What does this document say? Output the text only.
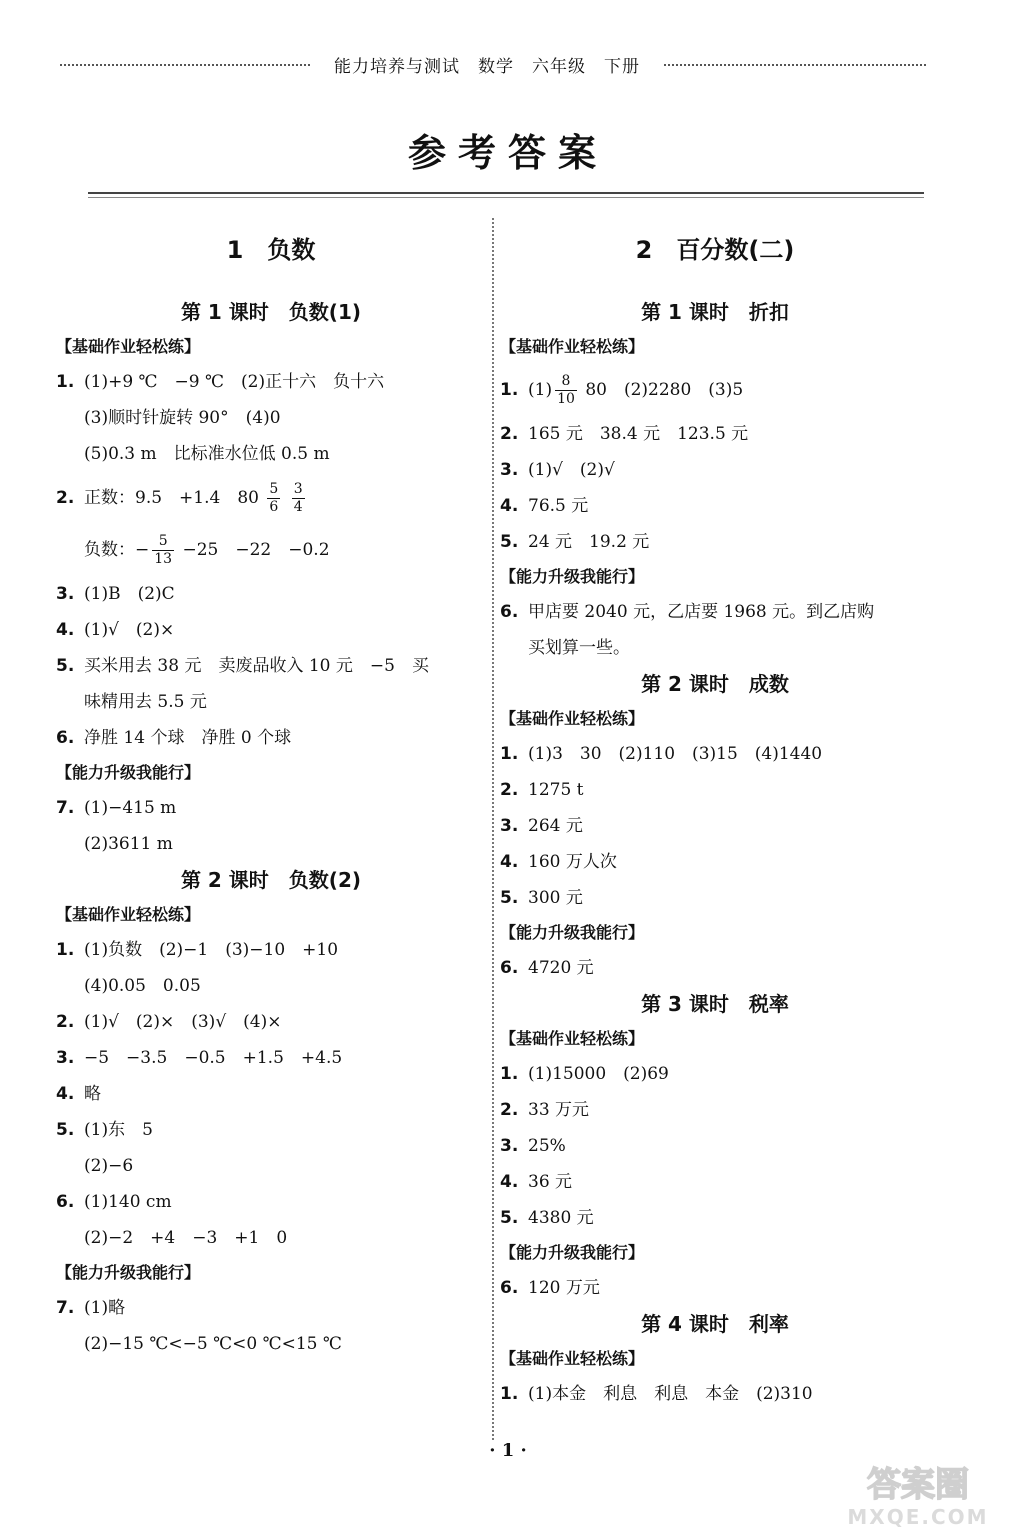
能力培养与测试　数学　六年级　下册
参考答案
1　负数
第 1 课时　负数(1)
【基础作业轻松练】
1. (1)+9 ℃　−9 ℃　(2)正十六　负十六
(3)顺时针旋转 90°　(4)0
(5)0.3 m　比标准水位低 0.5 m
2. 正数：9.5　+1.4　$80 \frac{5}{6}$
$\frac{3}{4}$
负数：− $\frac{5}{13} -25$　−22　−0.2
3. (1)B　(2)C
4. (1)√　(2)×
5. 买米用去 38 元　卖废品收入 10 元　−5　买
味精用去 5.5 元
6. 净胜 14 个球　净胜 0 个球
【能力升级我能行】
7. (1)−415 m
(2)3611 m
第 2 课时　负数(2)
【基础作业轻松练】
1. (1)负数　(2)−1　(3)−10　+10
(4)0.05　0.05
2. (1)√　(2)×　(3)√　(4)×
3. −5　−3.5　−0.5　+1.5　+4.5
4. 略
5. (1)东　5
(2)−6
6. (1)140 cm
(2)−2　+4　−3　+1　0
【能力升级我能行】
7. (1)略
(2)−15 ℃<−5 ℃<0 ℃<15 ℃
2　百分数(二)
第 1 课时　折扣
【基础作业轻松练】
1. $(1) \frac{8}{10} 80$　(2)2280　(3)5
2. 165 元　38.4 元　123.5 元
3. (1)√　(2)√
4. 76.5 元
5. 24 元　19.2 元
【能力升级我能行】
6. 甲店要 2040 元，乙店要 1968 元。到乙店购
买划算一些。
第 2 课时　成数
【基础作业轻松练】
1. (1)3　30　(2)110　(3)15　(4)1440
2. 1275 t
3. 264 元
4. 160 万人次
5. 300 元
【能力升级我能行】
6. 4720 元
第 3 课时　税率
【基础作业轻松练】
1. (1)15000　(2)69
2. 33 万元
3. 25%
4. 36 元
5. 4380 元
【能力升级我能行】
6. 120 万元
第 4 课时　利率
【基础作业轻松练】
1. (1)本金　利息　利息　本金　(2)310
· 1 ·
答案圈
MXQE.COM
